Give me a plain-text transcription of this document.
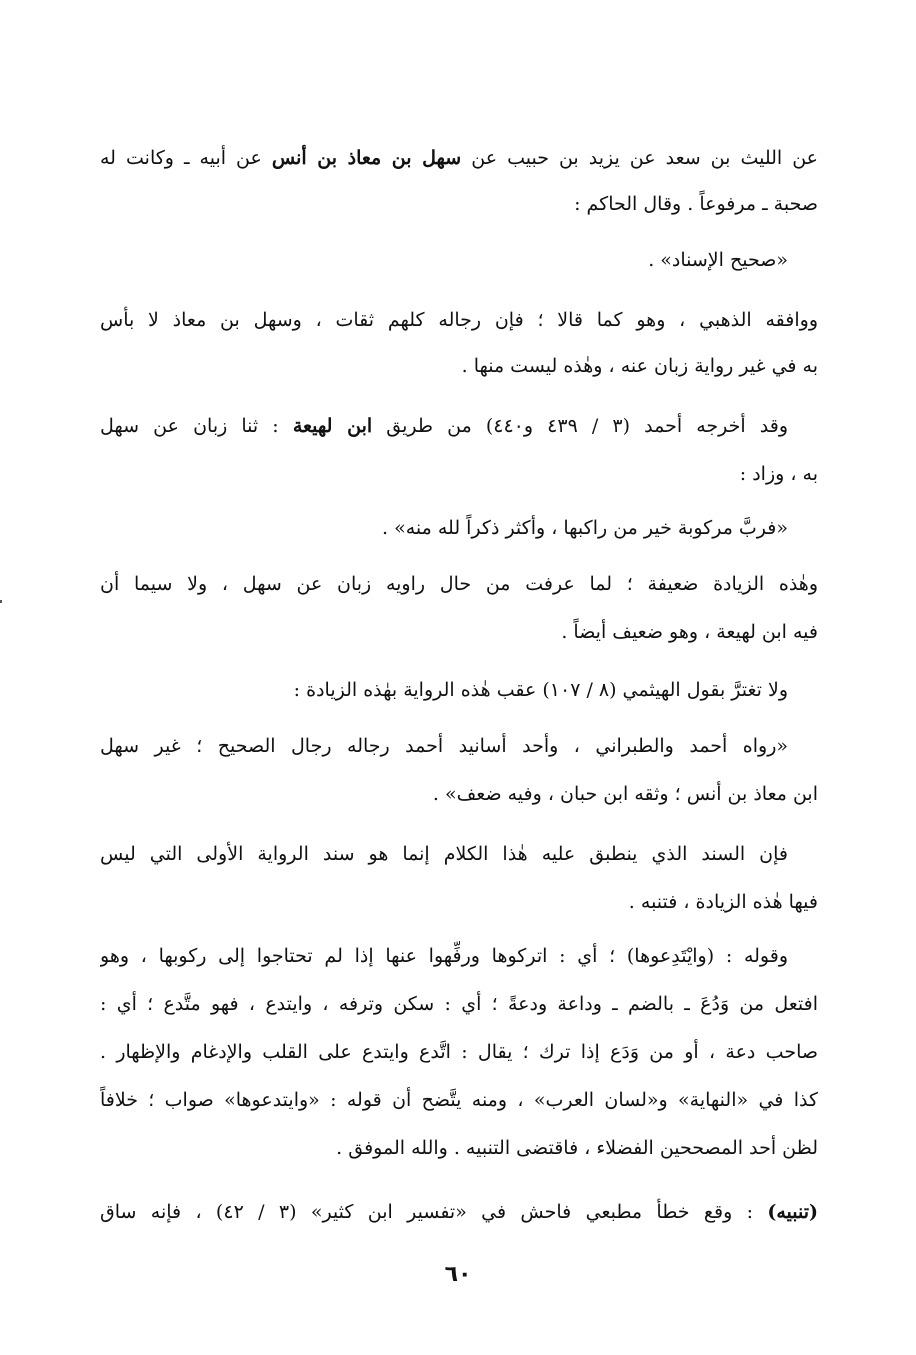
عن الليث بن سعد عن يزيد بن حبيب عن سهل بن معاذ بن أنس عن أبيه ـ وكانت له
صحبة ـ مرفوعاً . وقال الحاكم :
«صحيح الإسناد» .
ووافقه الذهبي ، وهو كما قالا ؛ فإن رجاله كلهم ثقات ، وسهل بن معاذ لا بأس
به في غير رواية زبان عنه ، وهٰذه ليست منها .
وقد أخرجه أحمد (٣ / ٤٣٩ و٤٤٠) من طريق ابن لهيعة : ثنا زبان عن سهل
به ، وزاد :
«فربَّ مركوبة خير من راكبها ، وأكثر ذكراً لله منه» .
وهٰذه الزيادة ضعيفة ؛ لما عرفت من حال راويه زبان عن سهل ، ولا سيما أن
فيه ابن لهيعة ، وهو ضعيف أيضاً .
ولا تغترَّ بقول الهيثمي (٨ / ١٠٧) عقب هٰذه الرواية بهٰذه الزيادة :
«رواه أحمد والطبراني ، وأحد أسانيد أحمد رجاله رجال الصحيح ؛ غير سهل
ابن معاذ بن أنس ؛ وثقه ابن حبان ، وفيه ضعف» .
فإن السند الذي ينطبق عليه هٰذا الكلام إنما هو سند الرواية الأولى التي ليس
فيها هٰذه الزيادة ، فتنبه .
وقوله : (وايْتَدِعوها) ؛ أي : اتركوها ورفِّهوا عنها إذا لم تحتاجوا إلى ركوبها ، وهو
افتعل من وَدُعَ ـ بالضم ـ وداعة ودعةً ؛ أي : سكن وترفه ، وايتدع ، فهو متَّدع ؛ أي :
صاحب دعة ، أو من وَدَع إذا ترك ؛ يقال : اتَّدع وايتدع على القلب والإدغام والإظهار .
كذا في «النهاية» و«لسان العرب» ، ومنه يتَّضح أن قوله : «وايتدعوها» صواب ؛ خلافاً
لظن أحد المصححين الفضلاء ، فاقتضى التنبيه . والله الموفق .
(تنبيه) : وقع خطأ مطبعي فاحش في «تفسير ابن كثير» (٣ / ٤٢) ، فإنه ساق
٦٠
